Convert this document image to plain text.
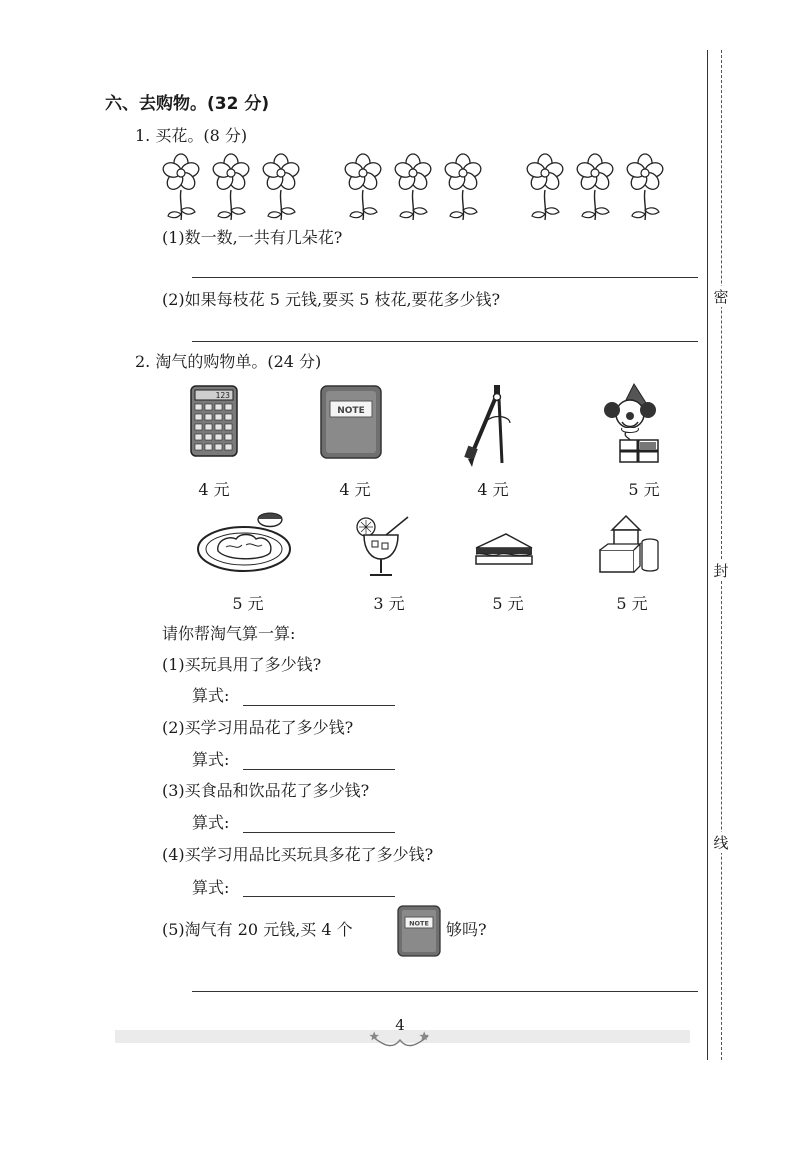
六、去购物。(32 分)
1. 买花。(8 分)
(1)数一数,一共有几朵花?
(2)如果每枝花 5 元钱,要买 5 枝花,要花多少钱?
2. 淘气的购物单。(24 分)
123
NOTE
4 元	4 元	4 元	5 元
5 元	3 元	5 元	5 元
请你帮淘气算一算:
(1)买玩具用了多少钱?
算式:
(2)买学习用品花了多少钱?
算式:
(3)买食品和饮品花了多少钱?
算式:
(4)买学习用品比买玩具多花了多少钱?
算式:
(5)淘气有 20 元钱,买 4 个	NOTE 够吗?
4
密
封
线
